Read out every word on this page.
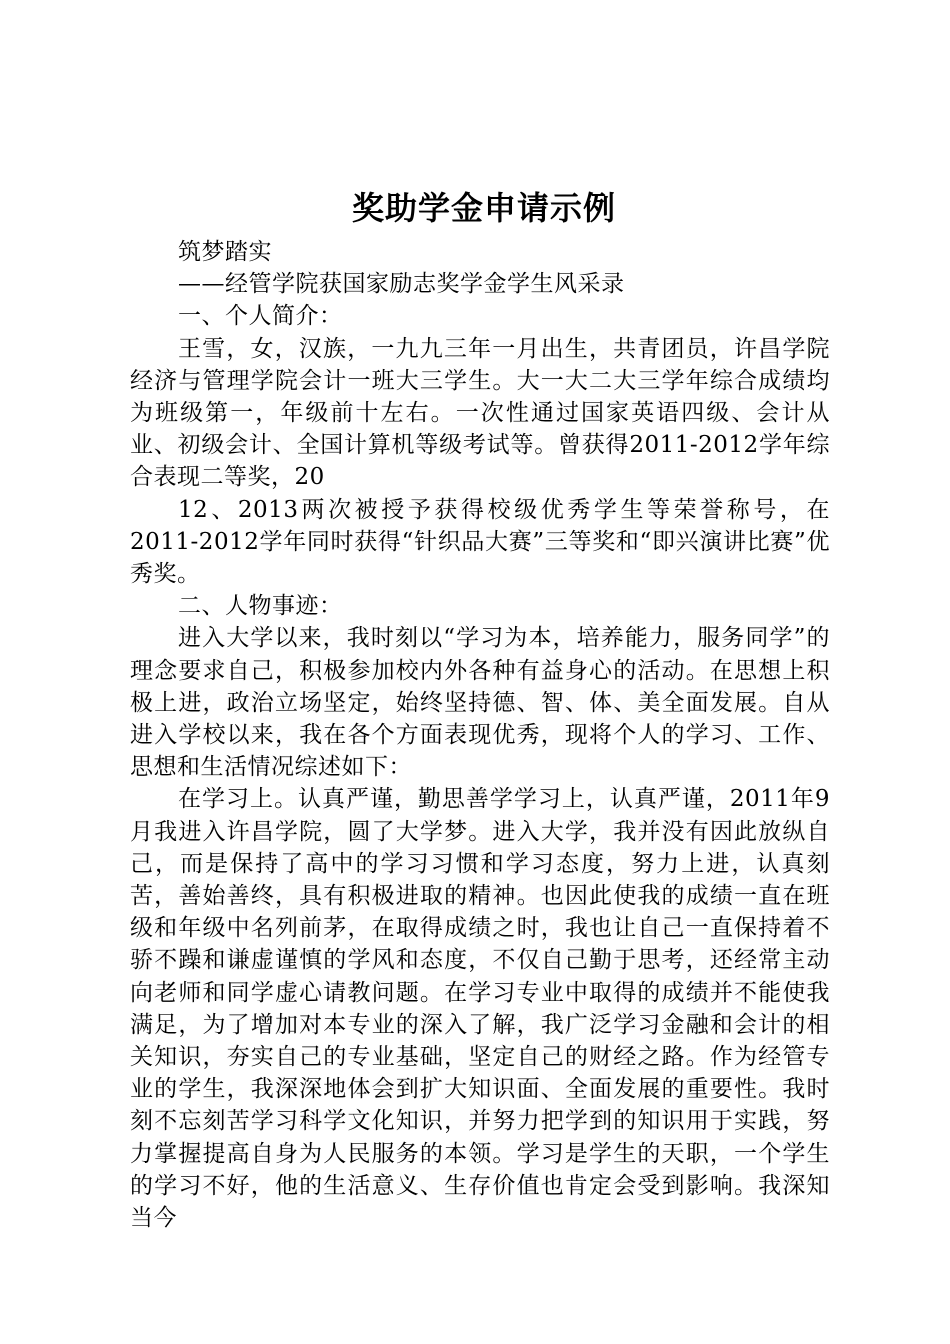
奖助学金申请示例

筑梦踏实

——经管学院获国家励志奖学金学生风采录

一、个人简介：

王雪，女，汉族，一九九三年一月出生，共青团员，许昌学院经济与管理学院会计一班大三学生。大一大二大三学年综合成绩均为班级第一，年级前十左右。一次性通过国家英语四级、会计从业、初级会计、全国计算机等级考试等。曾获得2011-2012学年综合表现二等奖，20

12、2013两次被授予获得校级优秀学生等荣誉称号，在2011-2012学年同时获得“针织品大赛”三等奖和“即兴演讲比赛”优秀奖。

二、人物事迹：

进入大学以来，我时刻以“学习为本，培养能力，服务同学”的理念要求自己，积极参加校内外各种有益身心的活动。在思想上积极上进，政治立场坚定，始终坚持德、智、体、美全面发展。自从进入学校以来，我在各个方面表现优秀，现将个人的学习、工作、思想和生活情况综述如下：

在学习上。认真严谨，勤思善学学习上，认真严谨，2011年9月我进入许昌学院，圆了大学梦。进入大学，我并没有因此放纵自己，而是保持了高中的学习习惯和学习态度，努力上进，认真刻苦，善始善终，具有积极进取的精神。也因此使我的成绩一直在班级和年级中名列前茅，在取得成绩之时，我也让自己一直保持着不骄不躁和谦虚谨慎的学风和态度，不仅自己勤于思考，还经常主动向老师和同学虚心请教问题。在学习专业中取得的成绩并不能使我满足，为了增加对本专业的深入了解，我广泛学习金融和会计的相关知识，夯实自己的专业基础，坚定自己的财经之路。作为经管专业的学生，我深深地体会到扩大知识面、全面发展的重要性。我时刻不忘刻苦学习科学文化知识，并努力把学到的知识用于实践，努力掌握提高自身为人民服务的本领。学习是学生的天职，一个学生的学习不好，他的生活意义、生存价值也肯定会受到影响。我深知当今
